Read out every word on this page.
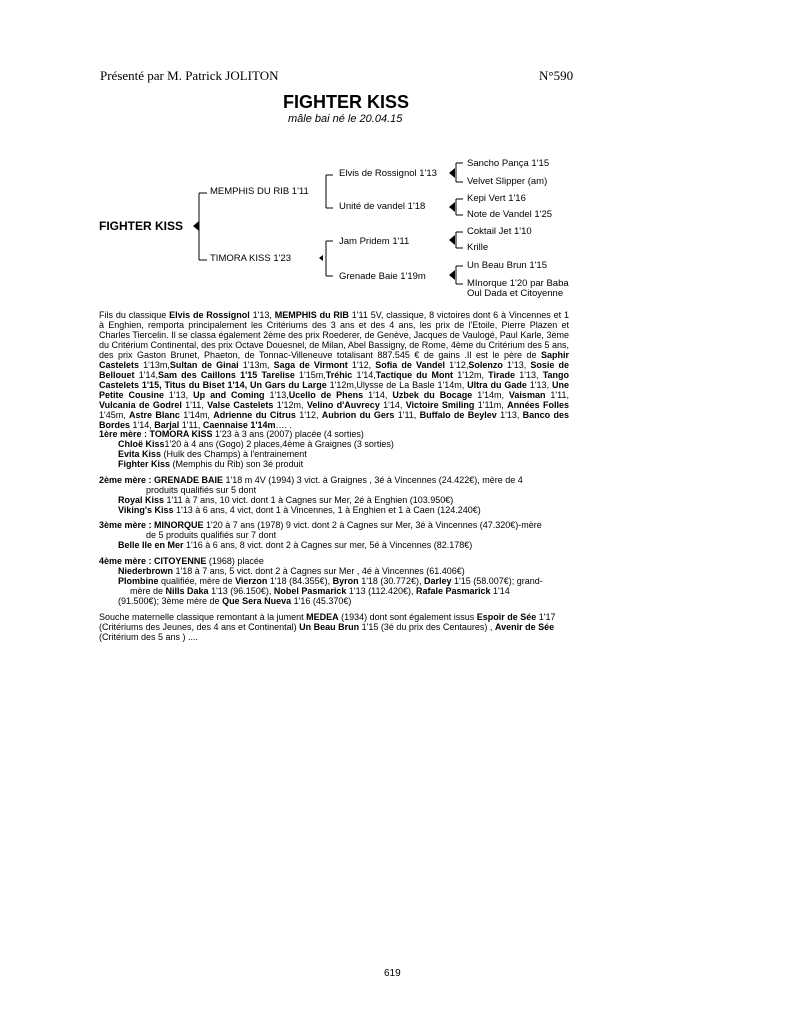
Présenté par M. Patrick JOLITON	N°590
FIGHTER KISS
mâle bai né le 20.04.15
FIGHTER KISS
MEMPHIS DU RIB 1'11
TIMORA KISS 1'23
Elvis de Rossignol 1'13
Unité de vandel 1'18
Jam Pridem 1'11
Grenade Baie 1'19m
Sancho Pança 1'15
Velvet Slipper (am)
Kepi Vert 1'16
Note de Vandel 1'25
Coktail Jet 1'10
Krille
Un Beau Brun 1'15
MInorque 1'20 par Baba
Oul Dada et Citoyenne
Fils du classique Elvis de Rossignol 1'13, MEMPHIS du RIB 1'11 5V, classique, 8 victoires dont 6 à Vincennes et 1 à Enghien, remporta principalement les Critériums des 3 ans et des 4 ans, les prix de l'Etoile, Pierre Plazen et Charles Tiercelin. Il se classa également 2ème des prix Roederer, de Genève, Jacques de Vaulogé, Paul Karle, 3ème du Critérium Continental, des prix Octave Douesnel, de Milan, Abel Bassigny, de Rome, 4ème du Critérium des 5 ans, des prix Gaston Brunet, Phaeton, de Tonnac-Villeneuve totalisant 887.545 € de gains .Il est le père de Saphir Castelets 1'13m,Sultan de Ginai 1'13m, Saga de Virmont 1'12, Sofia de Vandel 1'12,Solenzo 1'13, Sosie de Bellouet 1'14,Sam des Caillons 1'15 Tarelise 1'15m,Tréhic 1'14,Tactique du Mont 1'12m, Tirade 1'13, Tango Castelets 1'15, Titus du Biset 1'14, Un Gars du Large 1'12m,Ulysse de La Basle 1'14m, Ultra du Gade 1'13, Une Petite Cousine 1'13, Up and Coming 1'13,Ucello de Phens 1'14, Uzbek du Bocage 1'14m, Vaisman 1'11, Vulcania de Godrel 1'11, Valse Castelets 1'12m, Velino d'Auvrecy 1'14, Victoire Smiling 1'11m, Années Folles 1'45m, Astre Blanc 1'14m, Adrienne du Citrus 1'12, Aubrion du Gers 1'11, Buffalo de Beylev 1'13, Banco des Bordes 1'14, Barjal 1'11, Caennaise 1'14m…. .
1ère mère : TOMORA KISS 1'23 à 3 ans (2007) placée (4 sorties)
Chloë Kiss1'20 à 4 ans (Gogo) 2 places,4ème à Graignes (3 sorties)
Evita Kiss (Hulk des Champs) à l'entrainement
Fighter Kiss (Memphis du Rib) son 3é produit
2ème mère : GRENADE BAIE 1'18 m 4V (1994) 3 vict. à Graignes , 3é à Vincennes (24.422€), mère de 4
produits qualifiés sur 5 dont
Royal Kiss 1'11 à 7 ans, 10 vict. dont 1 à Cagnes sur Mer, 2é à Enghien (103.950€)
Viking's Kiss 1'13 à 6 ans, 4 vict, dont 1 à Vincennes, 1 à Enghien et 1 à Caen (124.240€)
3ème mère : MINORQUE 1'20 à 7 ans (1978) 9 vict. dont 2 à Cagnes sur Mer, 3é à Vincennes (47.320€)-mère
de 5 produits qualifiés sur 7 dont
Belle Ile en Mer 1'16 à 6 ans, 8 vict. dont 2 à Cagnes sur mer, 5é à Vincennes (82.178€)
4ème mère : CITOYENNE (1968) placée
Niederbrown 1'18 à 7 ans, 5 vict. dont 2 à Cagnes sur Mer , 4é à Vincennes (61.406€)
Plombine qualifiée, mère de Vierzon 1'18 (84.355€), Byron 1'18 (30.772€), Darley 1'15 (58.007€); grand-
mère de Nills Daka 1'13 (96.150€), Nobel Pasmarick 1'13 (112.420€), Rafale Pasmarick 1'14
(91.500€); 3ème mère de Que Sera Nueva 1'16 (45.370€)
Souche maternelle classique remontant à la jument MEDEA (1934) dont sont également issus Espoir de Sée 1'17 (Critériums des Jeunes, des 4 ans et Continental) Un Beau Brun 1'15 (3é du prix des Centaures) , Avenir de Sée (Critérium des 5 ans ) ....
619
